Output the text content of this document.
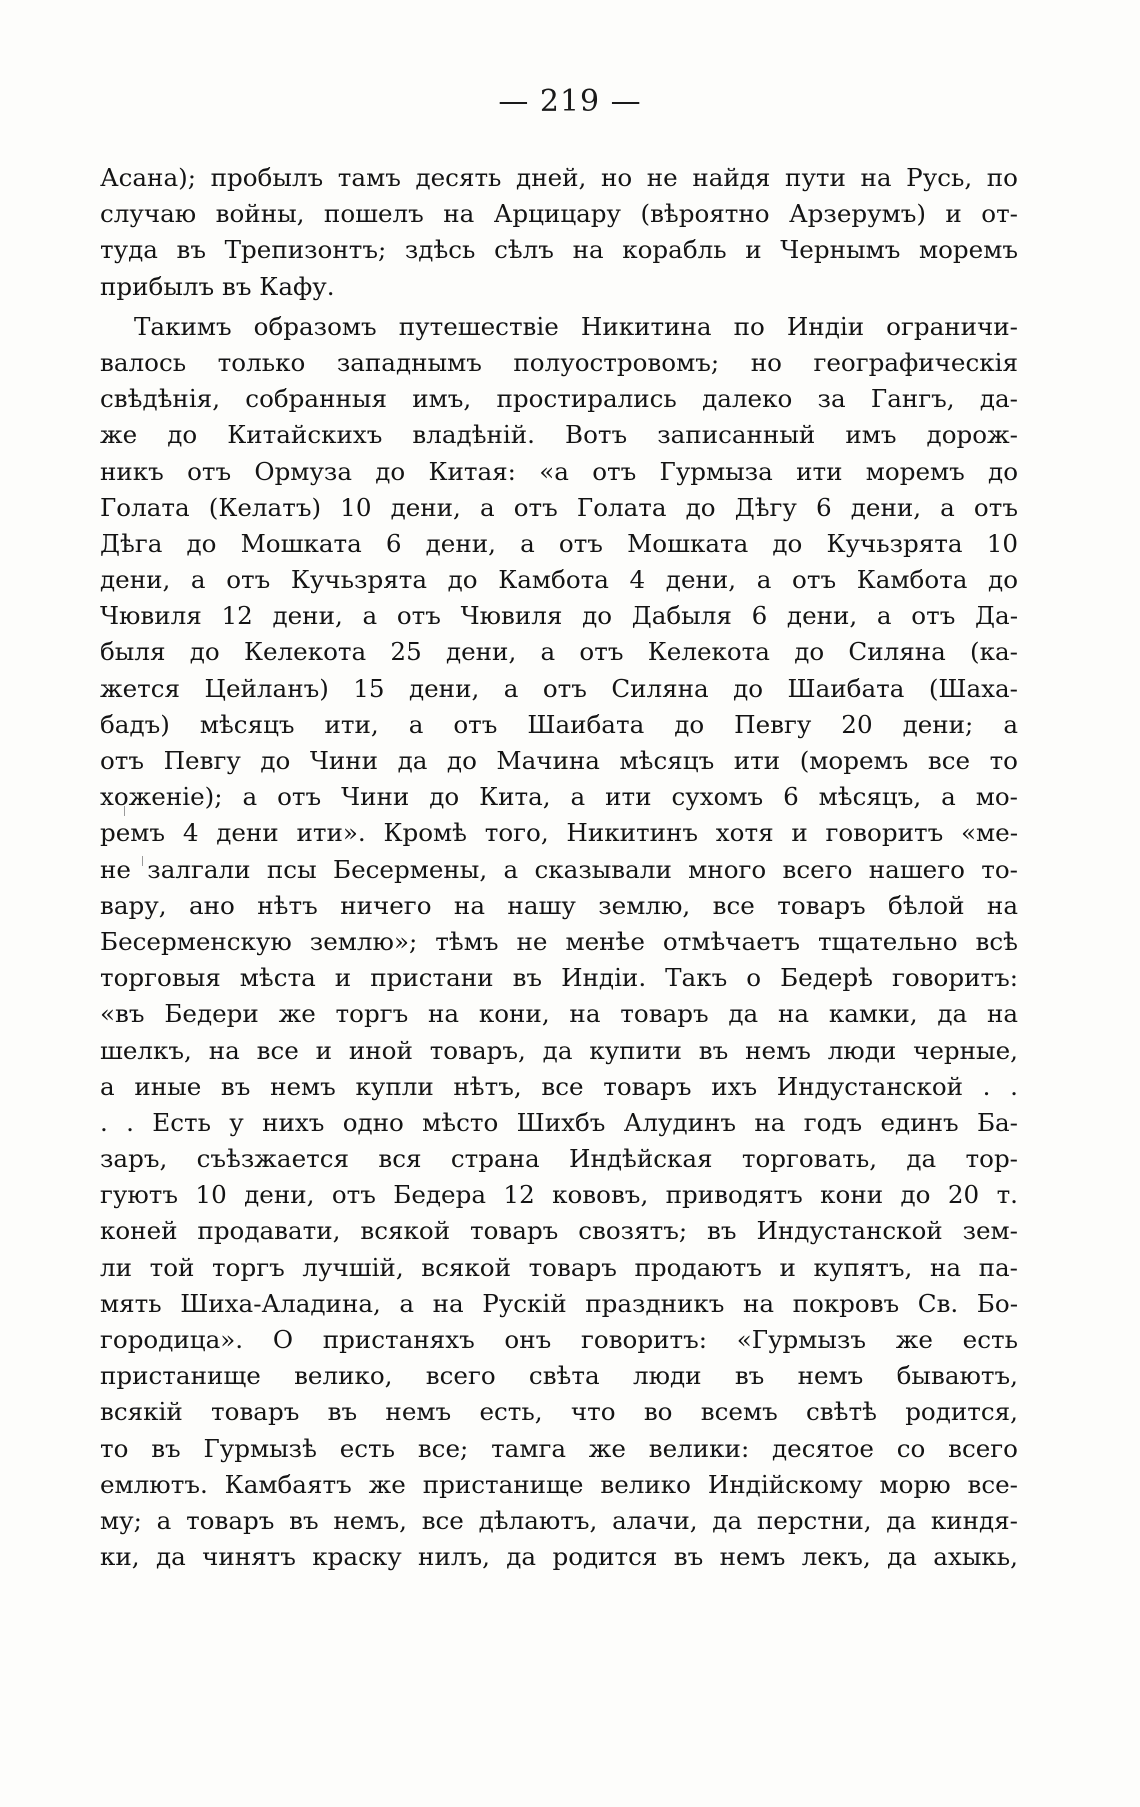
— 219 —
Асана); пробылъ тамъ десять дней, но не найдя пути на Русь, по
случаю войны, пошелъ на Арцицару (вѣроятно Арзерумъ) и от-
туда въ Трепизонтъ; здѣсь сѣлъ на корабль и Чернымъ моремъ
прибылъ въ Кафу.
Такимъ образомъ путешествіе Никитина по Индіи ограничи-
валось только западнымъ полуостровомъ; но географическія
свѣдѣнія, собранныя имъ, простирались далеко за Гангъ, да-
же до Китайскихъ владѣній. Вотъ записанный имъ дорож-
никъ отъ Ормуза до Китая: «а отъ Гурмыза ити моремъ до
Голата (Келатъ) 10 дени, а отъ Голата до Дѣгу 6 дени, а отъ
Дѣга до Мошката 6 дени, а отъ Мошката до Кучьзрята 10
дени, а отъ Кучьзрята до Камбота 4 дени, а отъ Камбота до
Чювиля 12 дени, а отъ Чювиля до Дабыля 6 дени, а отъ Да-
быля до Келекота 25 дени, а отъ Келекота до Силяна (ка-
жется Цейланъ) 15 дени, а отъ Силяна до Шаибата (Шаха-
бадъ) мѣсяцъ ити, а отъ Шаибата до Певгу 20 дени; а
отъ Певгу до Чини да до Мачина мѣсяцъ ити (моремъ все то
хоженіе); а отъ Чини до Кита, а ити сухомъ 6 мѣсяцъ, а мо-
ремъ 4 дени ити». Кромѣ того, Никитинъ хотя и говоритъ «ме-
не залгали псы Бесермены, а сказывали много всего нашего то-
вару, ано нѣтъ ничего на нашу землю, все товаръ бѣлой на
Бесерменскую землю»; тѣмъ не менѣе отмѣчаетъ тщательно всѣ
торговыя мѣста и пристани въ Индіи. Такъ о Бедерѣ говоритъ:
«въ Бедери же торгъ на кони, на товаръ да на камки, да на
шелкъ, на все и иной товаръ, да купити въ немъ люди черные,
а иные въ немъ купли нѣтъ, все товаръ ихъ Индустанской . .
. . Есть у нихъ одно мѣсто Шихбъ Алудинъ на годъ единъ Ба-
заръ, съѣзжается вся страна Индѣйская торговать, да тор-
гуютъ 10 дени, отъ Бедера 12 кововъ, приводятъ кони до 20 т.
коней продавати, всякой товаръ свозятъ; въ Индустанской зем-
ли той торгъ лучшій, всякой товаръ продаютъ и купятъ, на па-
мять Шиха-Аладина, а на Рускій праздникъ на покровъ Св. Бо-
городица». О пристаняхъ онъ говоритъ: «Гурмызъ же есть
пристанище велико, всего свѣта люди въ немъ бываютъ,
всякій товаръ въ немъ есть, что во всемъ свѣтѣ родится,
то въ Гурмызѣ есть все; тамга же велики: десятое со всего
емлютъ. Камбаятъ же пристанище велико Индійскому морю все-
му; а товаръ въ немъ, все дѣлаютъ, алачи, да перстни, да киндя-
ки, да чинятъ краску нилъ, да родится въ немъ лекъ, да ахыкь,
